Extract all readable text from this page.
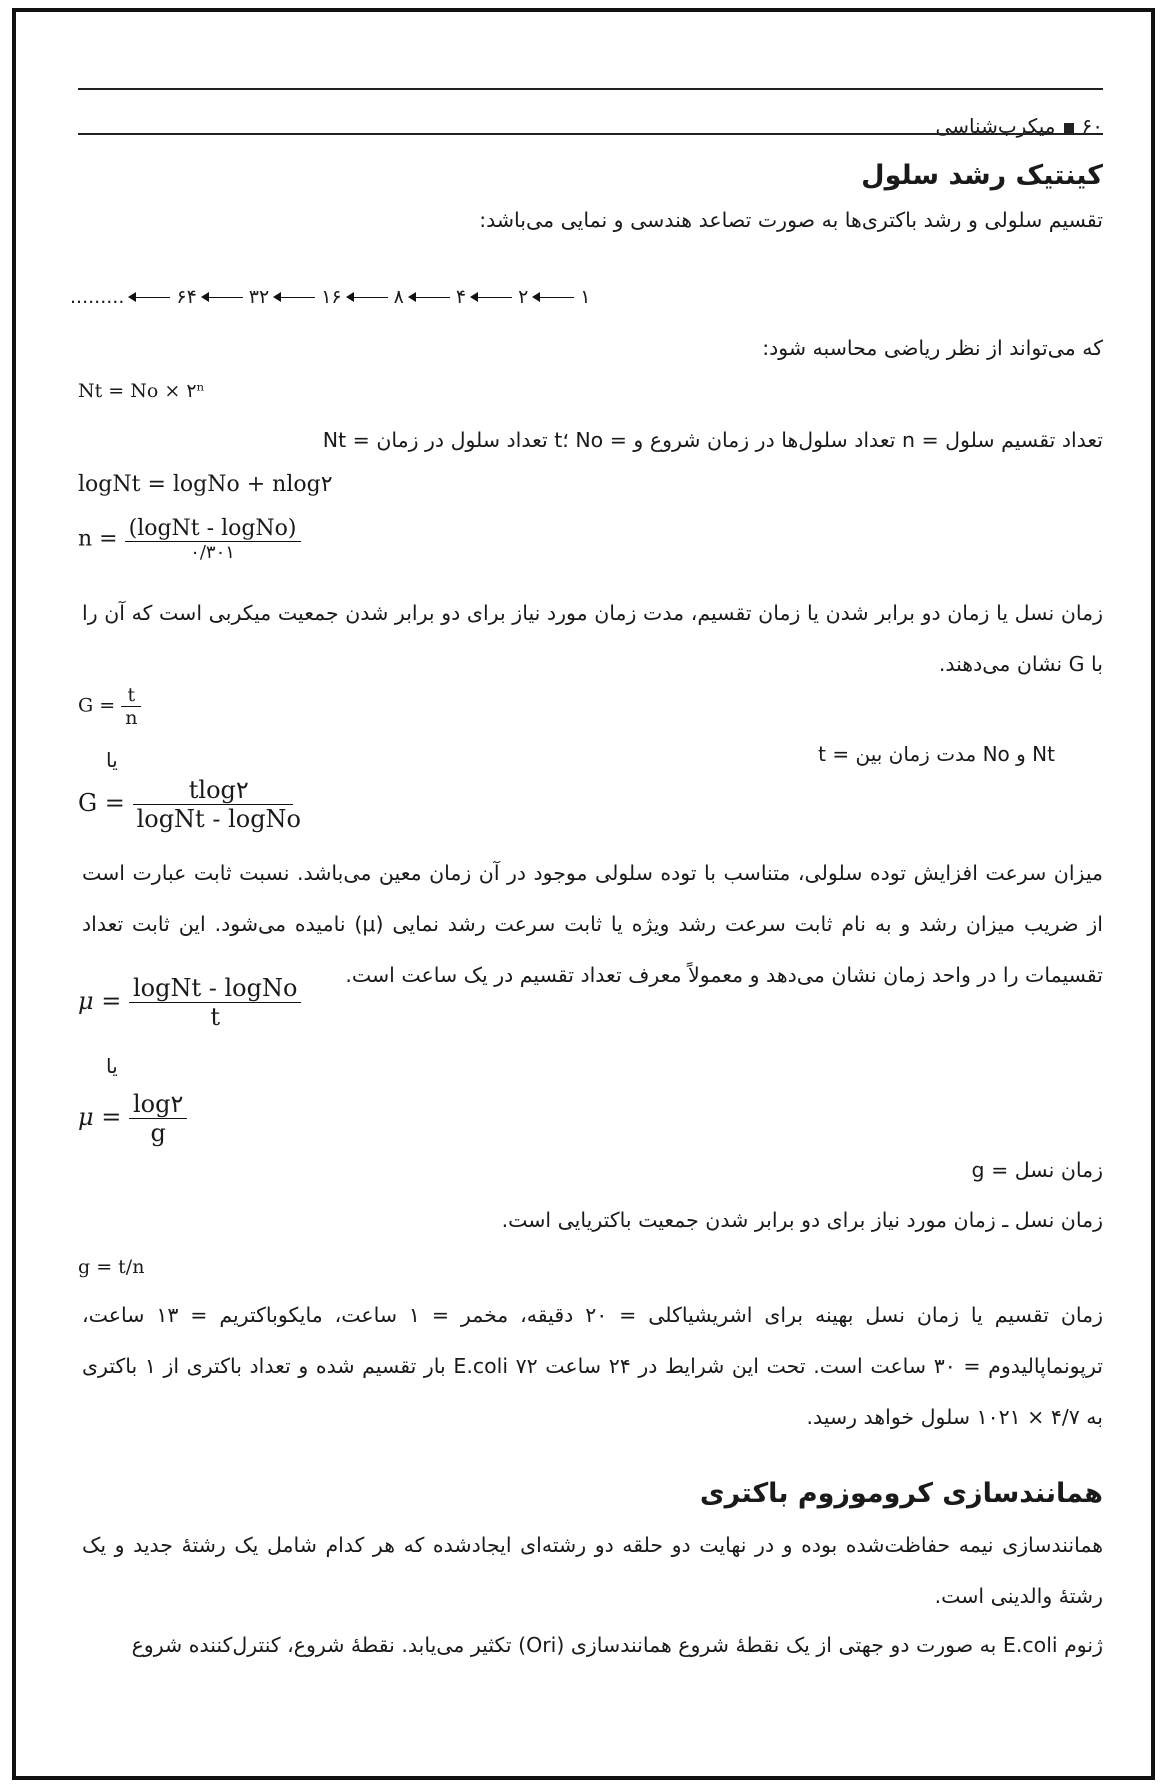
۶۰میکرب‌شناسی
کینتیک رشد سلول
تقسیم سلولی و رشد باکتری‌ها به صورت تصاعد هندسی و نمایی می‌باشد:
۱
۲
۴
۸
۱۶
۳۲
۶۴
.........
که می‌تواند از نظر ریاضی محاسبه شود:
Nt = No × ۲ⁿ
Nt = تعداد سلول در زمان t؛ No = تعداد سلول‌ها در زمان شروع و n = تعداد تقسیم سلول
logNt = logNo + nlog۲
$n = \frac{\text{(logNt - logNo)}}{۰/۳۰۱}$
زمان نسل یا زمان دو برابر شدن یا زمان تقسیم، مدت زمان مورد نیاز برای دو برابر شدن جمعیت میکربی است که آن را با G نشان می‌دهند.
$G = \frac{t}{n}$
یا	t = مدت زمان بین No و Nt
$G = \frac{tlog۲}{\text{logNt - logNo}}$
میزان سرعت افزایش توده سلولی، متناسب با توده سلولی موجود در آن زمان معین می‌باشد. نسبت ثابت عبارت است از ضریب میزان رشد و به نام ثابت سرعت رشد ویژه یا ثابت سرعت رشد نمایی (μ) نامیده می‌شود. این ثابت تعداد تقسیمات را در واحد زمان نشان می‌دهد و معمولاً معرف تعداد تقسیم در یک ساعت است.
$\mu = \frac{\text{logNt - logNo}}{t}$
یا
$\mu = \frac{\log ۲}{g}$
g = زمان نسل
زمان نسل ـ زمان مورد نیاز برای دو برابر شدن جمعیت باکتریایی است.
g = t/n
زمان تقسیم یا زمان نسل بهینه برای اشریشیاکلی = ۲۰ دقیقه، مخمر = ۱ ساعت، مایکوباکتریم = ۱۳ ساعت، ترپونماپالیدوم = ۳۰ ساعت است. تحت این شرایط در ۲۴ ساعت E.coli ۷۲ بار تقسیم شده و تعداد باکتری از ۱ باکتری به ۴/۷ × ۱۰۲۱ سلول خواهد رسید.
همانندسازی کروموزوم باکتری
همانندسازی نیمه حفاظت‌شده بوده و در نهایت دو حلقه دو رشته‌ای ایجادشده که هر کدام شامل یک رشتهٔ جدید و یک رشتهٔ والدینی است.
ژنوم E.coli به صورت دو جهتی از یک نقطهٔ شروع همانندسازی (Ori) تکثیر می‌یابد. نقطهٔ شروع، کنترل‌کننده شروع
